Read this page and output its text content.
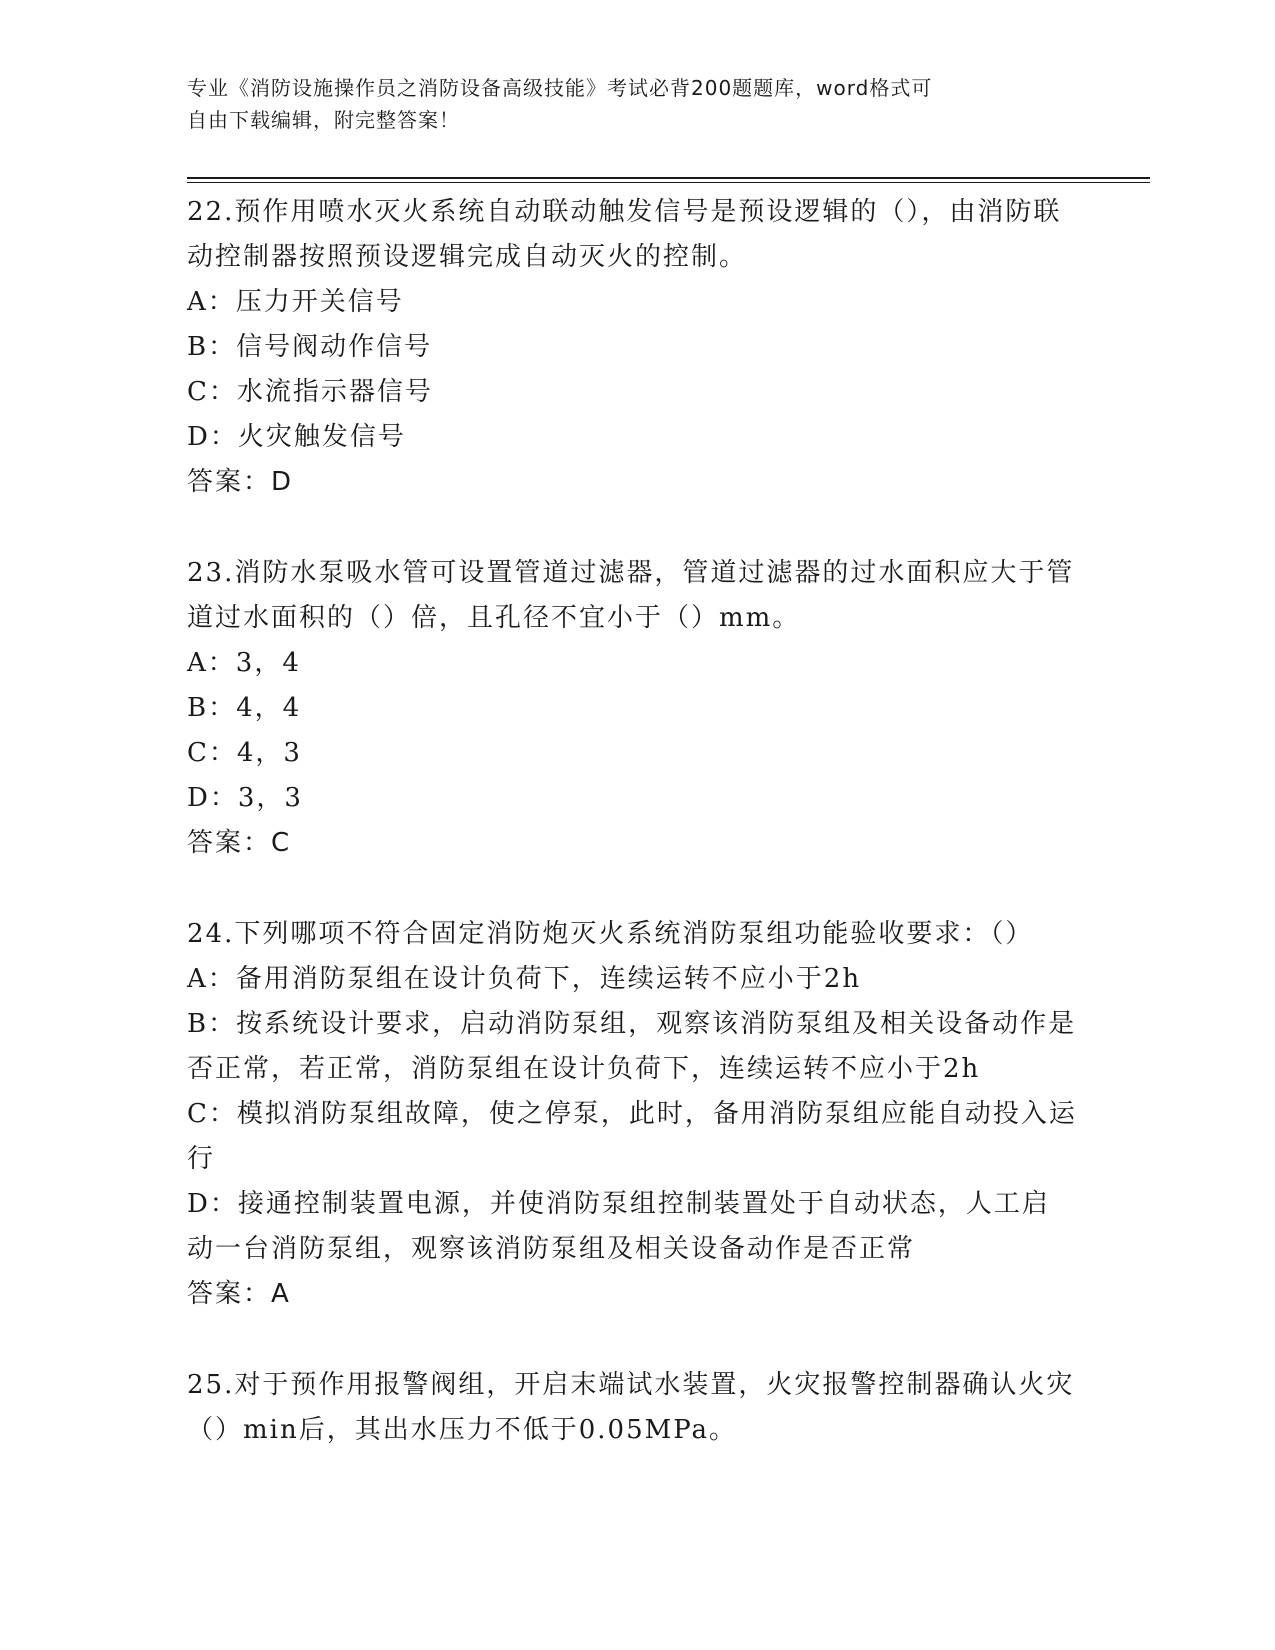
专业《消防设施操作员之消防设备高级技能》考试必背200题题库，word格式可
自由下载编辑，附完整答案！

22.预作用喷水灭火系统自动联动触发信号是预设逻辑的（），由消防联动控制器按照预设逻辑完成自动灭火的控制。

A：压力开关信号

B：信号阀动作信号

C：水流指示器信号

D：火灾触发信号

答案：D

23.消防水泵吸水管可设置管道过滤器，管道过滤器的过水面积应大于管道过水面积的（）倍，且孔径不宜小于（）mm。

A：3，4

B：4，4

C：4，3

D：3，3

答案：C

24.下列哪项不符合固定消防炮灭火系统消防泵组功能验收要求：（）

A：备用消防泵组在设计负荷下，连续运转不应小于2h

B：按系统设计要求，启动消防泵组，观察该消防泵组及相关设备动作是否正常，若正常，消防泵组在设计负荷下，连续运转不应小于2h

C：模拟消防泵组故障，使之停泵，此时，备用消防泵组应能自动投入运行

D：接通控制装置电源，并使消防泵组控制装置处于自动状态，人工启动一台消防泵组，观察该消防泵组及相关设备动作是否正常

答案：A

25.对于预作用报警阀组，开启末端试水装置，火灾报警控制器确认火灾（）min后，其出水压力不低于0.05MPa。
